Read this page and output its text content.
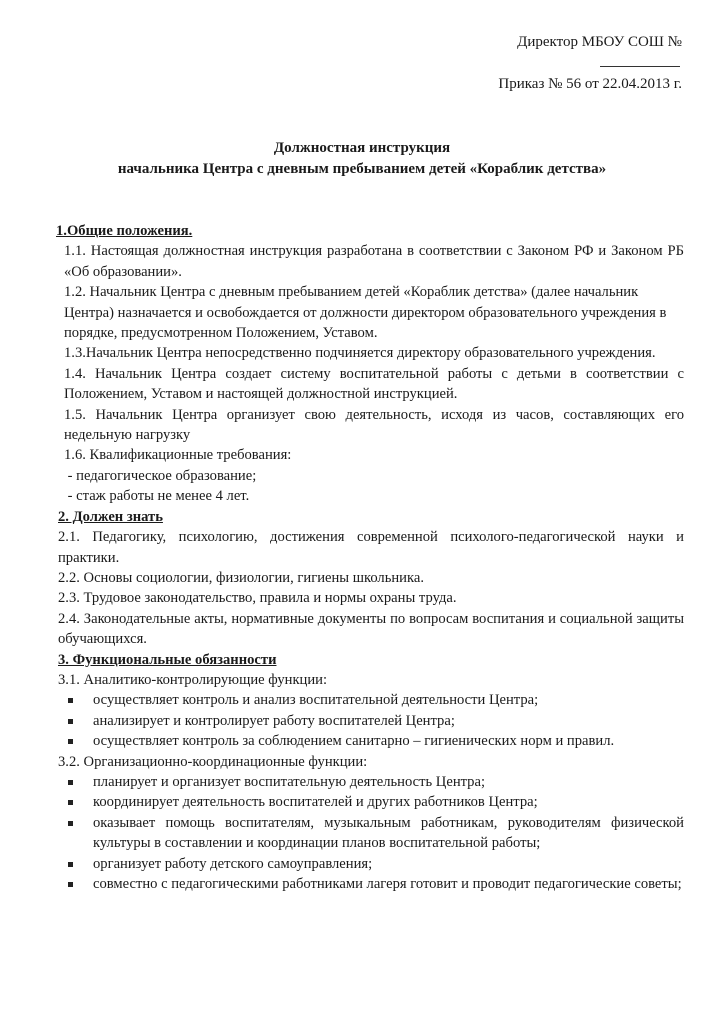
Директор МБОУ СОШ №
Приказ № 56 от 22.04.2013 г.
Должностная инструкция
начальника Центра с дневным пребыванием детей «Кораблик детства»
1.Общие положения.
1.1. Настоящая должностная инструкция разработана в соответствии с Законом РФ и Законом РБ «Об образовании».
1.2. Начальник Центра с дневным пребыванием детей «Кораблик детства» (далее начальник Центра) назначается и освобождается от должности директором образовательного учреждения в порядке, предусмотренном Положением, Уставом.
1.3.Начальник Центра непосредственно подчиняется директору образовательного учреждения.
1.4. Начальник Центра создает систему воспитательной работы с детьми в соответствии с Положением, Уставом и настоящей должностной инструкцией.
1.5. Начальник Центра организует свою деятельность, исходя из часов, составляющих его недельную нагрузку
1.6. Квалификационные требования:
- педагогическое образование;
- стаж работы не менее 4 лет.
2. Должен знать
2.1. Педагогику, психологию, достижения современной психолого-педагогической науки и практики.
2.2. Основы социологии, физиологии, гигиены школьника.
2.3. Трудовое законодательство, правила и нормы охраны труда.
2.4. Законодательные акты, нормативные документы по вопросам воспитания и социальной защиты обучающихся.
3. Функциональные обязанности
3.1. Аналитико-контролирующие функции:
осуществляет контроль и анализ воспитательной деятельности Центра;
анализирует и контролирует работу воспитателей Центра;
осуществляет контроль за соблюдением санитарно – гигиенических норм и правил.
3.2. Организационно-координационные функции:
планирует и организует воспитательную деятельность Центра;
координирует деятельность воспитателей и других работников Центра;
оказывает помощь воспитателям, музыкальным работникам, руководителям физической культуры в составлении и координации планов воспитательной работы;
организует работу детского самоуправления;
совместно с педагогическими работниками лагеря готовит и проводит педагогические советы;
